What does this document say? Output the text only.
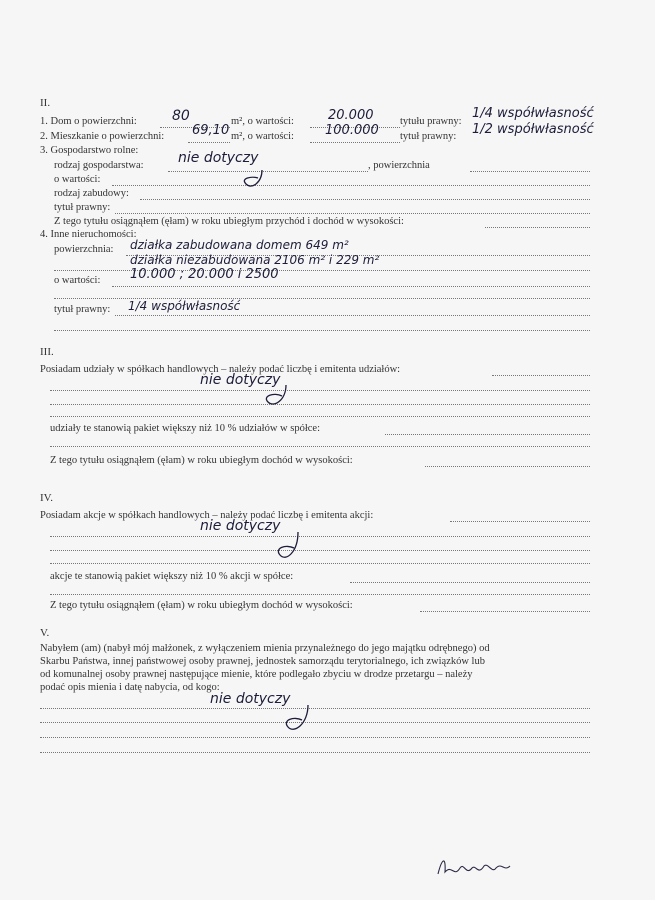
II.
1. Dom o powierzchni:	80	m², o wartości:	20.000	tytułu prawny:
1/4 współwłasność
2. Mieszkanie o powierzchni: 69,10 m², o wartości: 100.000 tytuł prawny: 1/2 współwłasność
3. Gospodarstwo rolne:
rodzaj gospodarstwa: nie dotyczy	, powierzchnia
o wartości:
rodzaj zabudowy:
tytuł prawny:
Z tego tytułu osiągnąłem (ęłam) w roku ubiegłym przychód i dochód w wysokości:
4. Inne nieruchomości:
powierzchnia: działka zabudowana domem 649 m²
działka niezabudowana 2106 m² i 229 m²
o wartości: 10.000 ; 20.000 i 2500
tytuł prawny: 1/4 współwłasność
III.
Posiadam udziały w spółkach handlowych – należy podać liczbę i emitenta udziałów:
nie dotyczy
udziały te stanowią pakiet większy niż 10 % udziałów w spółce:
Z tego tytułu osiągnąłem (ęłam) w roku ubiegłym dochód w wysokości:
IV.
Posiadam akcje w spółkach handlowych – należy podać liczbę i emitenta akcji:
nie dotyczy
akcje te stanowią pakiet większy niż 10 % akcji w spółce:
Z tego tytułu osiągnąłem (ęłam) w roku ubiegłym dochód w wysokości:
V.
Nabyłem (am) (nabył mój małżonek, z wyłączeniem mienia przynależnego do jego majątku odrębnego) od
Skarbu Państwa, innej państwowej osoby prawnej, jednostek samorządu terytorialnego, ich związków lub
od komunalnej osoby prawnej następujące mienie, które podlegało zbyciu w drodze przetargu – należy
podać opis mienia i datę nabycia, od kogo:
nie dotyczy
